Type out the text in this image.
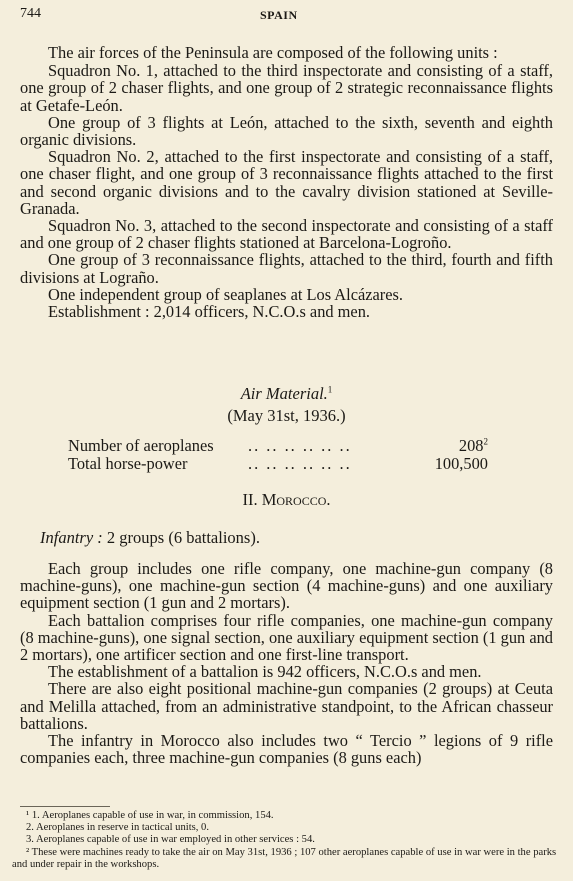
744	SPAIN

The air forces of the Peninsula are composed of the following units :

Squadron No. 1, attached to the third inspectorate and consisting of a staff, one group of 2 chaser flights, and one group of 2 strategic reconnaissance flights at Getafe-León.

One group of 3 flights at León, attached to the sixth, seventh and eighth organic divisions.

Squadron No. 2, attached to the first inspectorate and consisting of a staff, one chaser flight, and one group of 3 reconnaissance flights attached to the first and second organic divisions and to the cavalry division stationed at Seville-Granada.

Squadron No. 3, attached to the second inspectorate and consisting of a staff and one group of 2 chaser flights stationed at Barcelona-Logroño.

One group of 3 reconnaissance flights, attached to the third, fourth and fifth divisions at Lograño.

One independent group of seaplanes at Los Alcázares.

Establishment : 2,014 officers, N.C.O.s and men.

Air Material.$^1$
(May 31st, 1936.)
Number of aeroplanes .. .. .. .. .. ..	$208^2$
Total horse-power	.. .. .. .. .. ..	100,500
II. Morocco.
Infantry : 2 groups (6 battalions).

Each group includes one rifle company, one machine-gun company (8 machine-guns), one machine-gun section (4 machine-guns) and one auxiliary equipment section (1 gun and 2 mortars).

Each battalion comprises four rifle companies, one machine-gun company (8 machine-guns), one signal section, one auxiliary equipment section (1 gun and 2 mortars), one artificer section and one first-line transport.

The establishment of a battalion is 942 officers, N.C.O.s and men.

There are also eight positional machine-gun companies (2 groups) at Ceuta and Melilla attached, from an administrative standpoint, to the African chasseur battalions.

The infantry in Morocco also includes two “ Tercio ” legions of 9 rifle companies each, three machine-gun companies (8 guns each)

¹ 1. Aeroplanes capable of use in war, in commission, 154.

2. Aeroplanes in reserve in tactical units, 0.

3. Aeroplanes capable of use in war employed in other services : 54.

² These were machines ready to take the air on May 31st, 1936 ; 107 other aeroplanes capable of use in war were in the parks and under repair in the workshops.
